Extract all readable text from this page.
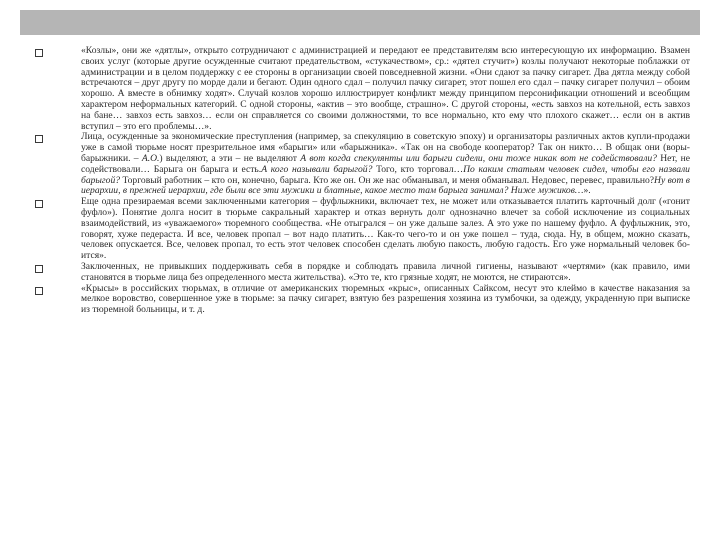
«Козлы», они же «дятлы», открыто сотрудничают с администрацией и передают ее представителям всю интересующую их информацию. Взамен своих услуг (которые другие осужденные считают предательством, «стукачеством», ср.: «дятел стучит») козлы получают некоторые поблажки от администрации и в целом поддержку с ее стороны в организации своей повседневной жизни. «Они сдают за пачку сигарет. Два дятла между собой встречаются – друг другу по морде дали и бегают. Один одного сдал – получил пачку сигарет, этот пошел его сдал – пачку сигарет получил – обоим хорошо. А вместе в обнимку ходят». Случай козлов хорошо иллюстрирует конфликт между принципом персонификации отношений и всеобщим характером неформальных категорий. С одной стороны, «актив – это вообще, страшно». С другой стороны, «есть завхоз на котельной, есть завхоз на бане… завхоз есть завхоз… если он справляется со своими должностями, то все нормально, кто ему что плохого скажет… если он в актив вступил – это его проблемы…».

Лица, осужденные за экономические преступления (например, за спекуляцию в советскую эпоху) и организаторы различных актов купли-продажи уже в самой тюрьме носят презрительное имя «барыги» или «барыжника». «Так он на свободе кооператор? Так он никто… В общак они (воры-барыжники. – А.О.) выделяют, а эти – не выделяют А вот когда спекулянты или барыги сидели, они тоже никак вот не содействовали? Нет, не содействовали… Барыга он барыга и есть.А кого называли барыгой? Того, кто торговал…По каким статьям человек сидел, чтобы его назвали барыгой? Торговый работник – кто он, конечно, барыга. Кто же он. Он же нас обманывал, и меня обманывал. Недовес, перевес, правильно?Ну вот в иерархии, в прежней иерархии, где были все эти мужики и блатные, какое место там барыга занимал? Ниже мужиков…».

Еще одна презираемая всеми заключенными категория – фуфлыжники, включает тех, не может или отказывается платить карточный долг («гонит фуфло»). Понятие долга носит в тюрьме сакральный характер и отказ вернуть долг однозначно влечет за собой исключение из социальных взаимодействий, из «уважаемого» тюремного сообщества. «Не отыгрался – он уже дальше залез. А это уже по нашему фуфло. А фуфлыжник, это, говорят, хуже педераста. И все, человек пропал – вот надо платить… Как-то чего-то и он уже пошел – туда, сюда. Ну, в общем, можно сказать, человек опускается. Все, человек пропал, то есть этот человек способен сделать любую пакость, любую гадость. Его уже нормальный человек бо-ится».

Заключенных, не привыкших поддерживать себя в порядке и соблюдать правила личной гигиены, называют «чертями» (как правило, ими становятся в тюрьме лица без определенного места жительства). «Это те, кто грязные ходят, не моются, не стираются».

«Крысы» в российских тюрьмах, в отличие от американских тюремных «крыс», описанных Сайксом, несут это клеймо в качестве наказания за мелкое воровство, совершенное уже в тюрьме: за пачку сигарет, взятую без разрешения хозяина из тумбочки, за одежду, украденную при выписке из тюремной больницы, и т. д.
